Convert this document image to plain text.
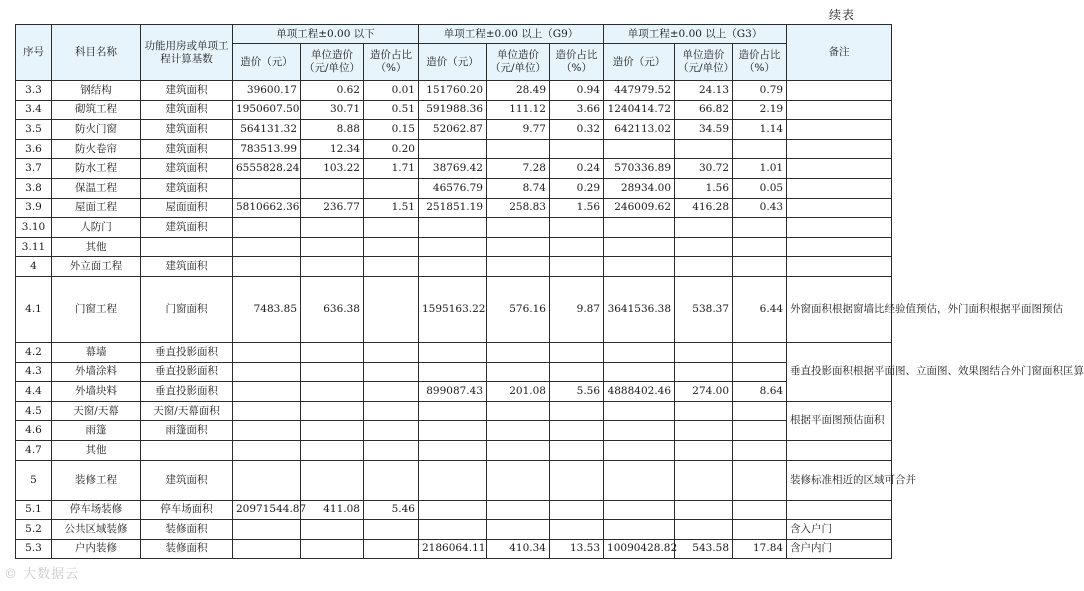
续表
序号	科目名称	功能用房或单项工程计算基数	单项工程±0.00 以下			单项工程±0.00 以上（G9）			单项工程±0.00 以上（G3）			备注
			造价（元）	单位造价（元/单位）	造价占比（%）	造价（元）	单位造价（元/单位）	造价占比（%）	造价（元）	单位造价（元/单位）	造价占比（%）	
3.3	钢结构	建筑面积	39600.17	0.62	0.01	151760.20	28.49	0.94	447979.52	24.13	0.79	
3.4	砌筑工程	建筑面积	1950607.50	30.71	0.51	591988.36	111.12	3.66	1240414.72	66.82	2.19	
3.5	防火门窗	建筑面积	564131.32	8.88	0.15	52062.87	9.77	0.32	642113.02	34.59	1.14	
3.6	防火卷帘	建筑面积	783513.99	12.34	0.20							
3.7	防水工程	建筑面积	6555828.24	103.22	1.71	38769.42	7.28	0.24	570336.89	30.72	1.01	
3.8	保温工程	建筑面积				46576.79	8.74	0.29	28934.00	1.56	0.05	
3.9	屋面工程	屋面面积	5810662.36	236.77	1.51	251851.19	258.83	1.56	246009.62	416.28	0.43	
3.10	人防门	建筑面积										
3.11	其他											
4	外立面工程	建筑面积										
4.1	门窗工程	门窗面积	7483.85	636.38		1595163.22	576.16	9.87	3641536.38	538.37	6.44	外窗面积根据窗墙比经验值预估，外门面积根据平面图预估
4.2	幕墙	垂直投影面积										垂直投影面积根据平面图、立面图、效果图结合外门窗面积匡算
4.3	外墙涂料	垂直投影面积										
4.4	外墙块料	垂直投影面积				899087.43	201.08	5.56	4888402.46	274.00	8.64	
4.5	天窗/天幕	天窗/天幕面积										根据平面图预估面积
4.6	雨篷	雨篷面积										
4.7	其他											
5	装修工程	建筑面积										装修标准相近的区域可合并
5.1	停车场装修	停车场面积	20971544.87	411.08	5.46							
5.2	公共区域装修	装修面积										含入户门
5.3	户内装修	装修面积				2186064.11	410.34	13.53	10090428.82	543.58	17.84	含户内门
© 大数据云
